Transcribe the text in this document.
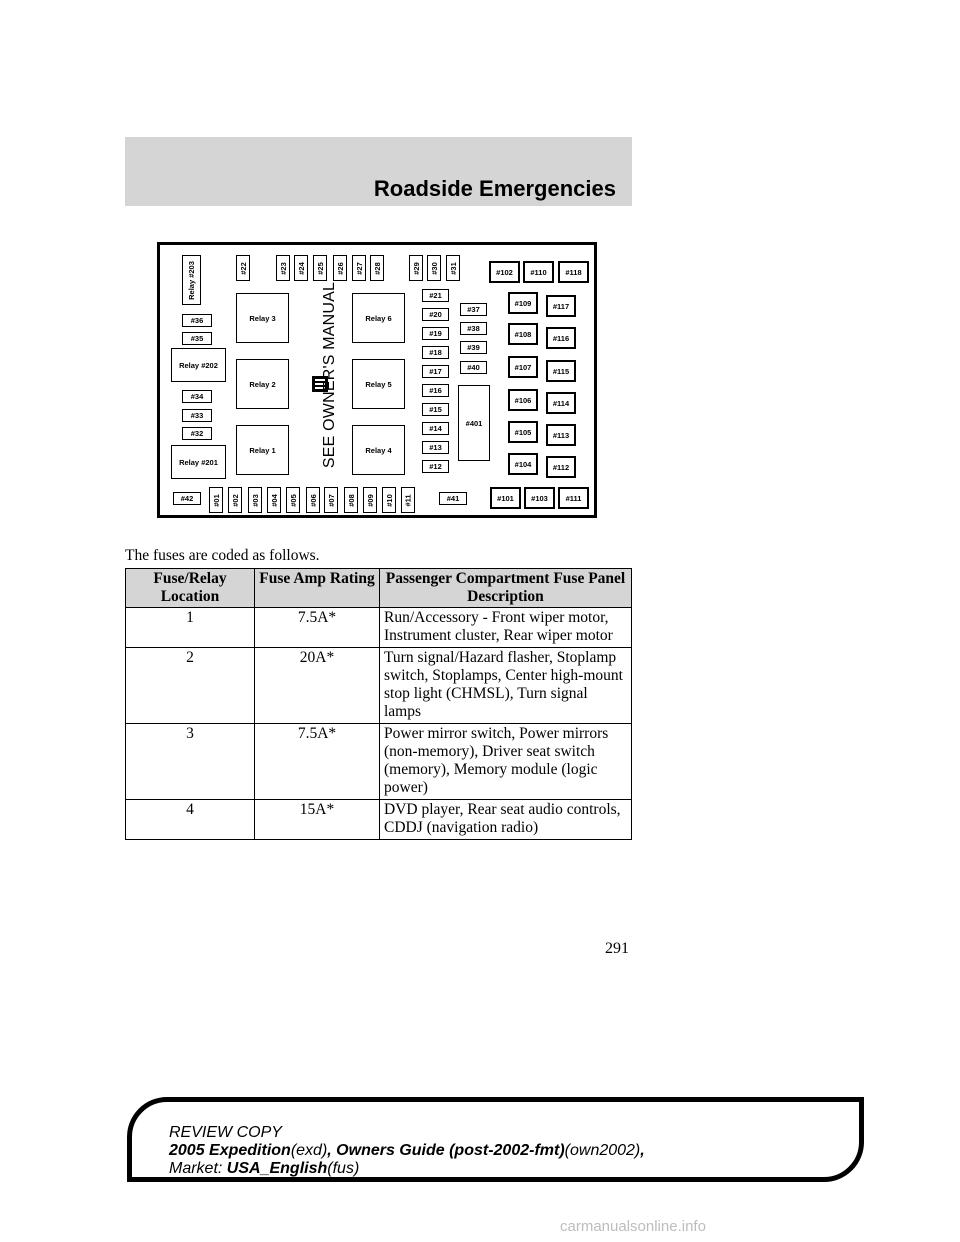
Roadside Emergencies
Relay #203
#36
#35
Relay #202
#34
#33
#32
Relay #201
#42
#22	#23 #24 #25 #26 #27 #28	#29 #30 #31
Relay 3
Relay 2
Relay 1
Relay 6
Relay 5
Relay 4
SEE OWNER'S MANUAL	#21
#20
#19
#18
#17
#16
#15
#14
#13
#12
#37
#38
#39
#40
#401
#102	#110	#118
#109
#108
#107
#106
#105
#104
#117
#116
#115
#114
#113
#112
#101	#103	#111
#01 #02 #03 #04 #05 #06 #07 #08 #09 #10 #11	#41
The fuses are coded as follows.
Fuse/Relay Location	Fuse Amp Rating	Passenger Compartment Fuse Panel Description
1	7.5A*	Run/Accessory - Front wiper motor, Instrument cluster, Rear wiper motor
2	20A*	Turn signal/Hazard flasher, Stoplamp switch, Stoplamps, Center high-mount stop light (CHMSL), Turn signal lamps
3	7.5A*	Power mirror switch, Power mirrors (non-memory), Driver seat switch (memory), Memory module (logic power)
4	15A*	DVD player, Rear seat audio controls, CDDJ (navigation radio)
291
REVIEW COPY
2005 Expedition(exd), Owners Guide (post-2002-fmt)(own2002),
Market: USA_English(fus)
carmanualsonline.info
